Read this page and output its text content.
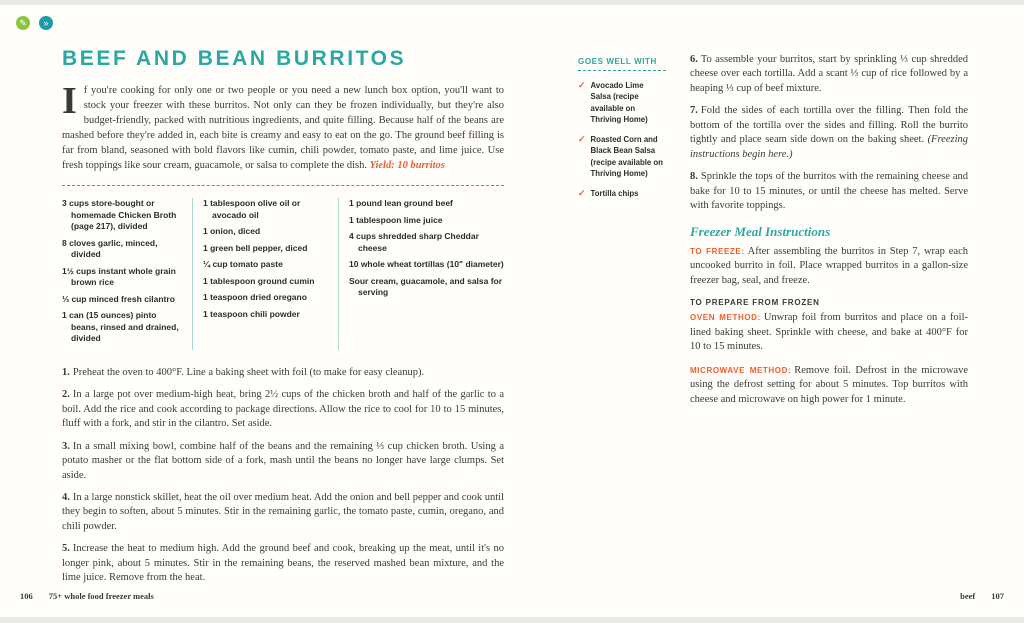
✎ »
BEEF AND BEAN BURRITOS

If you're cooking for only one or two people or you need a new lunch box option, you'll want to stock your freezer with these burritos. Not only can they be frozen individually, but they're also budget-friendly, packed with nutritious ingredients, and quite filling. Because half of the beans are mashed before they're added in, each bite is creamy and easy to eat on the go. The ground beef filling is far from bland, seasoned with bold flavors like cumin, chili powder, tomato paste, and lime juice. Use fresh toppings like sour cream, guacamole, or salsa to complete the dish. Yield: 10 burritos

3 cups store-bought or homemade Chicken Broth (page 217), divided

8 cloves garlic, minced, divided

1½ cups instant whole grain brown rice

⅓ cup minced fresh cilantro

1 can (15 ounces) pinto beans, rinsed and drained, divided

1 tablespoon olive oil or avocado oil

1 onion, diced

1 green bell pepper, diced

¼ cup tomato paste

1 tablespoon ground cumin

1 teaspoon dried oregano

1 teaspoon chili powder

1 pound lean ground beef

1 tablespoon lime juice

4 cups shredded sharp Cheddar cheese

10 whole wheat tortillas (10" diameter)

Sour cream, guacamole, and salsa for serving

1. Preheat the oven to 400°F. Line a baking sheet with foil (to make for easy cleanup).

2. In a large pot over medium-high heat, bring 2½ cups of the chicken broth and half of the garlic to a boil. Add the rice and cook according to package directions. Allow the rice to cool for 10 to 15 minutes, fluff with a fork, and stir in the cilantro. Set aside.

3. In a small mixing bowl, combine half of the beans and the remaining ⅓ cup chicken broth. Using a potato masher or the flat bottom side of a fork, mash until the beans no longer have large clumps. Set aside.

4. In a large nonstick skillet, heat the oil over medium heat. Add the onion and bell pepper and cook until they begin to soften, about 5 minutes. Stir in the remaining garlic, the tomato paste, cumin, oregano, and chili powder.

5. Increase the heat to medium high. Add the ground beef and cook, breaking up the meat, until it's no longer pink, about 5 minutes. Stir in the remaining beans, the reserved mashed bean mixture, and the lime juice. Remove from the heat.

GOES WELL WITH
✓ Avocado Lime Salsa (recipe available on Thriving Home)
✓ Roasted Corn and Black Bean Salsa (recipe available on Thriving Home)
✓ Tortilla chips

6. To assemble your burritos, start by sprinkling ⅓ cup shredded cheese over each tortilla. Add a scant ⅓ cup of rice followed by a heaping ⅓ cup of beef mixture.

7. Fold the sides of each tortilla over the filling. Then fold the bottom of the tortilla over the sides and filling. Roll the burrito tightly and place seam side down on the baking sheet. (Freezing instructions begin here.)

8. Sprinkle the tops of the burritos with the remaining cheese and bake for 10 to 15 minutes, or until the cheese has melted. Serve with favorite toppings.

Freezer Meal Instructions

TO FREEZE: After assembling the burritos in Step 7, wrap each uncooked burrito in foil. Place wrapped burritos in a gallon-size freezer bag, seal, and freeze.

TO PREPARE FROM FROZEN

OVEN METHOD: Unwrap foil from burritos and place on a foil-lined baking sheet. Sprinkle with cheese, and bake at 400°F for 10 to 15 minutes.

MICROWAVE METHOD: Remove foil. Defrost in the microwave using the defrost setting for about 5 minutes. Top burritos with cheese and microwave on high power for 1 minute.

106 75+ whole food freezer meals	beef 107
